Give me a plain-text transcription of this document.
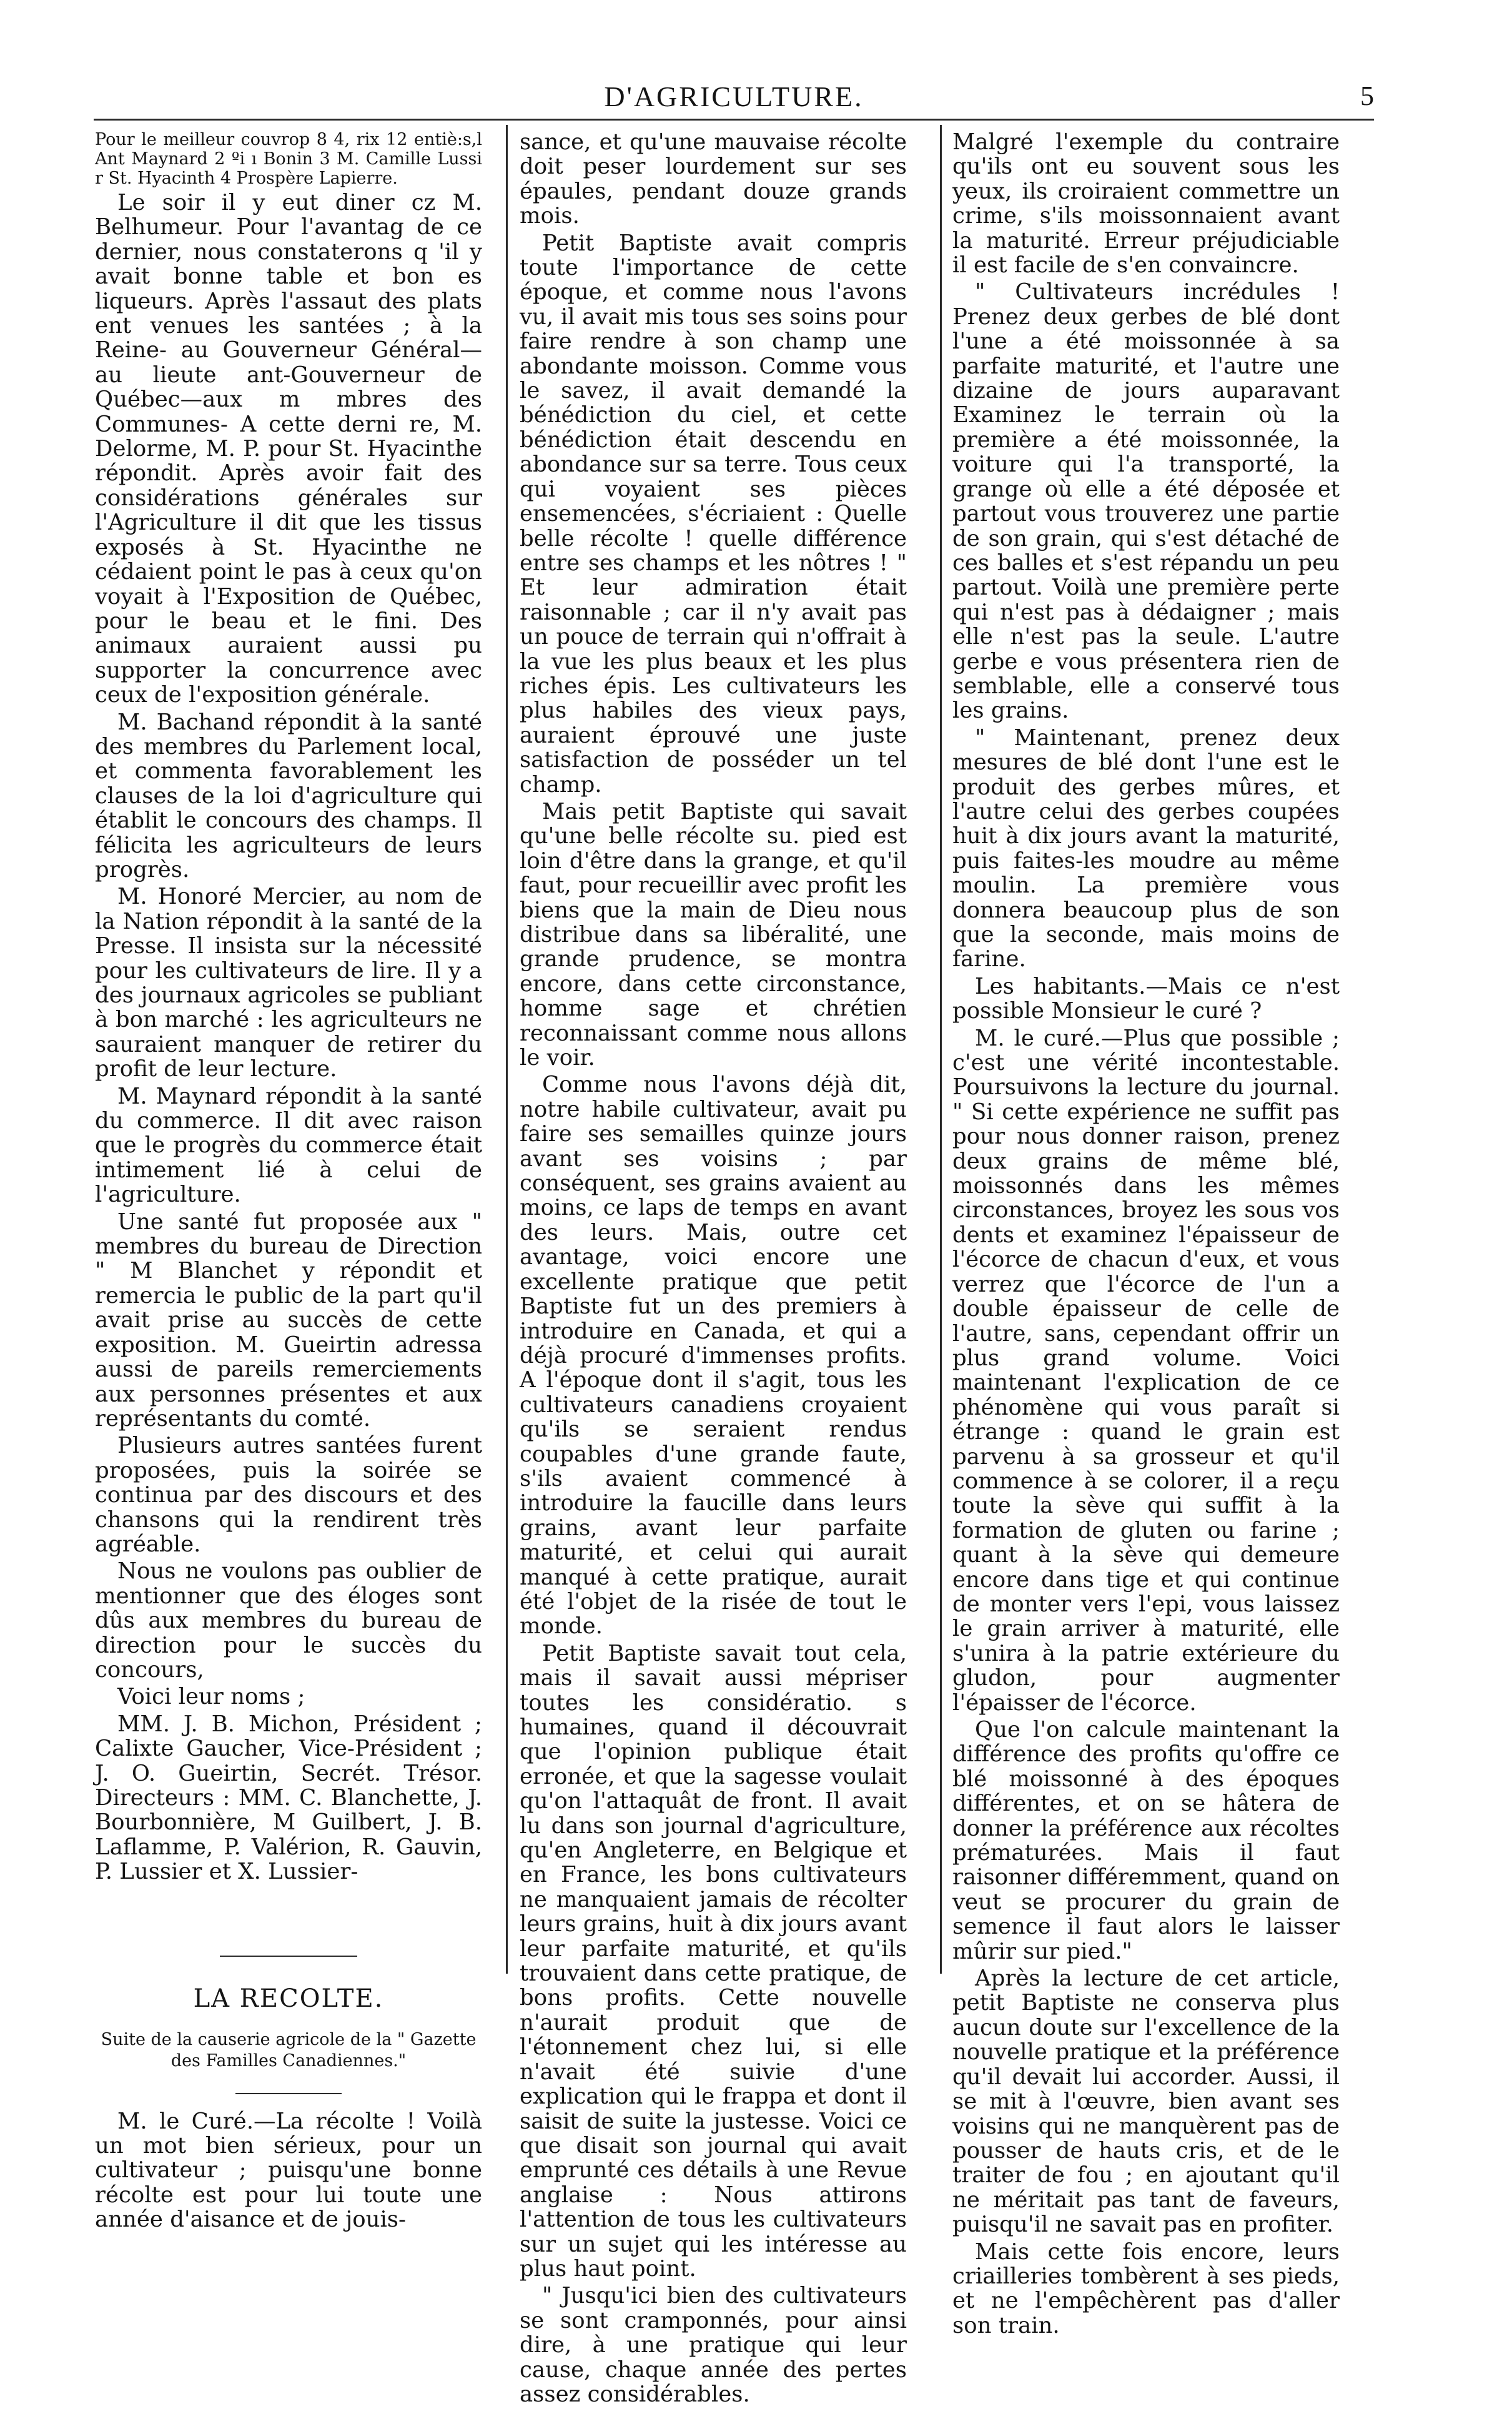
D'AGRICULTURE.	5

Pour le meilleur couvrop 8 4, rix 12 entiè:s,l Ant Maynard 2 ºi ı Bonin 3 M. Camille Lussi r St. Hyacinth 4 Prospère Lapierre.

Le soir il y eut diner cz M. Belhumeur. Pour l'avantag de ce dernier, nous constaterons q 'il y avait bonne table et bon es liqueurs. Après l'assaut des plats ent venues les santées ; à la Reine- au Gouverneur Général—au lieute ant-Gouverneur de Québec—aux m mbres des Communes- A cette derni re, M. Delorme, M. P. pour St. Hyacinthe répondit. Après avoir fait des considérations générales sur l'Agriculture il dit que les tissus exposés à St. Hyacinthe ne cédaient point le pas à ceux qu'on voyait à l'Exposition de Québec, pour le beau et le fini. Des animaux auraient aussi pu supporter la concurrence avec ceux de l'exposition générale.

M. Bachand répondit à la santé des membres du Parlement local, et commenta favorablement les clauses de la loi d'agriculture qui établit le concours des champs. Il félicita les agriculteurs de leurs progrès.

M. Honoré Mercier, au nom de la Nation répondit à la santé de la Presse. Il insista sur la nécessité pour les cultivateurs de lire. Il y a des journaux agricoles se publiant à bon marché : les agriculteurs ne sauraient manquer de retirer du profit de leur lecture.

M. Maynard répondit à la santé du commerce. Il dit avec raison que le progrès du commerce était intimement lié à celui de l'agriculture.

Une santé fut proposée aux " membres du bureau de Direction " M Blanchet y répondit et remercia le public de la part qu'il avait prise au succès de cette exposition. M. Gueirtin adressa aussi de pareils remerciements aux personnes présentes et aux représentants du comté.

Plusieurs autres santées furent proposées, puis la soirée se continua par des discours et des chansons qui la rendirent très agréable.

Nous ne voulons pas oublier de mentionner que des éloges sont dûs aux membres du bureau de direction pour le succès du concours,

Voici leur noms ;

MM. J. B. Michon, Président ; Calixte Gaucher, Vice-Président ; J. O. Gueirtin, Secrét. Trésor. Directeurs : MM. C. Blanchette, J. Bourbonnière, M Guilbert, J. B. Laflamme, P. Valérion, R. Gauvin, P. Lussier et X. Lussier-

LA RECOLTE.
Suite de la causerie agricole de la " Gazette des Familles Canadiennes."

M. le Curé.—La récolte ! Voilà un mot bien sérieux, pour un cultivateur ; puisqu'une bonne récolte est pour lui toute une année d'aisance et de jouis-

sance, et qu'une mauvaise récolte doit peser lourdement sur ses épaules, pendant douze grands mois.

Petit Baptiste avait compris toute l'importance de cette époque, et comme nous l'avons vu, il avait mis tous ses soins pour faire rendre à son champ une abondante moisson. Comme vous le savez, il avait demandé la bénédiction du ciel, et cette bénédiction était descendu en abondance sur sa terre. Tous ceux qui voyaient ses pièces ensemencées, s'écriaient : Quelle belle récolte ! quelle différence entre ses champs et les nôtres ! " Et leur admiration était raisonnable ; car il n'y avait pas un pouce de terrain qui n'offrait à la vue les plus beaux et les plus riches épis. Les cultivateurs les plus habiles des vieux pays, auraient éprouvé une juste satisfaction de posséder un tel champ.

Mais petit Baptiste qui savait qu'une belle récolte su. pied est loin d'être dans la grange, et qu'il faut, pour recueillir avec profit les biens que la main de Dieu nous distribue dans sa libéralité, une grande prudence, se montra encore, dans cette circonstance, homme sage et chrétien reconnaissant comme nous allons le voir.

Comme nous l'avons déjà dit, notre habile cultivateur, avait pu faire ses semailles quinze jours avant ses voisins ; par conséquent, ses grains avaient au moins, ce laps de temps en avant des leurs. Mais, outre cet avantage, voici encore une excellente pratique que petit Baptiste fut un des premiers à introduire en Canada, et qui a déjà procuré d'immenses profits. A l'époque dont il s'agit, tous les cultivateurs canadiens croyaient qu'ils se seraient rendus coupables d'une grande faute, s'ils avaient commencé à introduire la faucille dans leurs grains, avant leur parfaite maturité, et celui qui aurait manqué à cette pratique, aurait été l'objet de la risée de tout le monde.

Petit Baptiste savait tout cela, mais il savait aussi mépriser toutes les considératio. s humaines, quand il découvrait que l'opinion publique était erronée, et que la sagesse voulait qu'on l'attaquât de front. Il avait lu dans son journal d'agriculture, qu'en Angleterre, en Belgique et en France, les bons cultivateurs ne manquaient jamais de récolter leurs grains, huit à dix jours avant leur parfaite maturité, et qu'ils trouvaient dans cette pratique, de bons profits. Cette nouvelle n'aurait produit que de l'étonnement chez lui, si elle n'avait été suivie d'une explication qui le frappa et dont il saisit de suite la justesse. Voici ce que disait son journal qui avait emprunté ces détails à une Revue anglaise : Nous attirons l'attention de tous les cultivateurs sur un sujet qui les intéresse au plus haut point.

" Jusqu'ici bien des cultivateurs se sont cramponnés, pour ainsi dire, à une pratique qui leur cause, chaque année des pertes assez considérables.

Malgré l'exemple du contraire qu'ils ont eu souvent sous les yeux, ils croiraient commettre un crime, s'ils moissonnaient avant la maturité. Erreur préjudiciable il est facile de s'en convaincre.

" Cultivateurs incrédules ! Prenez deux gerbes de blé dont l'une a été moissonnée à sa parfaite maturité, et l'autre une dizaine de jours auparavant Examinez le terrain où la première a été moissonnée, la voiture qui l'a transporté, la grange où elle a été déposée et partout vous trouverez une partie de son grain, qui s'est détaché de ces balles et s'est répandu un peu partout. Voilà une première perte qui n'est pas à dédaigner ; mais elle n'est pas la seule. L'autre gerbe e vous présentera rien de semblable, elle a conservé tous les grains.

" Maintenant, prenez deux mesures de blé dont l'une est le produit des gerbes mûres, et l'autre celui des gerbes coupées huit à dix jours avant la maturité, puis faites-les moudre au même moulin. La première vous donnera beaucoup plus de son que la seconde, mais moins de farine.

Les habitants.—Mais ce n'est possible Monsieur le curé ?

M. le curé.—Plus que possible ; c'est une vérité incontestable. Poursuivons la lecture du journal. " Si cette expérience ne suffit pas pour nous donner raison, prenez deux grains de même blé, moissonnés dans les mêmes circonstances, broyez les sous vos dents et examinez l'épaisseur de l'écorce de chacun d'eux, et vous verrez que l'écorce de l'un a double épaisseur de celle de l'autre, sans, cependant offrir un plus grand volume. Voici maintenant l'explication de ce phénomène qui vous paraît si étrange : quand le grain est parvenu à sa grosseur et qu'il commence à se colorer, il a reçu toute la sève qui suffit à la formation de gluten ou farine ; quant à la sève qui demeure encore dans tige et qui continue de monter vers l'epi, vous laissez le grain arriver à maturité, elle s'unira à la patrie extérieure du gludon, pour augmenter l'épaisser de l'écorce.

Que l'on calcule maintenant la différence des profits qu'offre ce blé moissonné à des époques différentes, et on se hâtera de donner la préférence aux récoltes prématurées. Mais il faut raisonner différemment, quand on veut se procurer du grain de semence il faut alors le laisser mûrir sur pied."

Après la lecture de cet article, petit Baptiste ne conserva plus aucun doute sur l'excellence de la nouvelle pratique et la préférence qu'il devait lui accorder. Aussi, il se mit à l'œuvre, bien avant ses voisins qui ne manquèrent pas de pousser de hauts cris, et de le traiter de fou ; en ajoutant qu'il ne méritait pas tant de faveurs, puisqu'il ne savait pas en profiter.

Mais cette fois encore, leurs criailleries tombèrent à ses pieds, et ne l'empêchèrent pas d'aller son train.
